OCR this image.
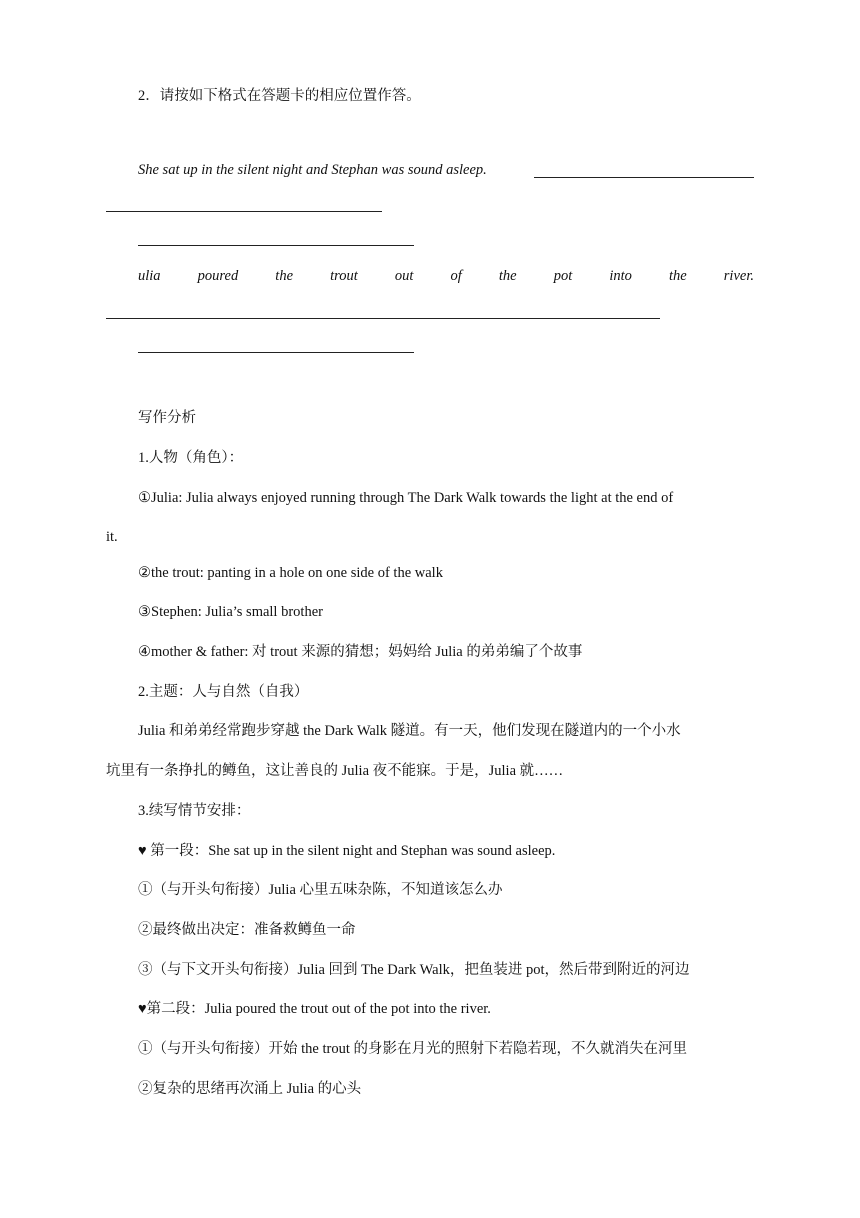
2．请按如下格式在答题卡的相应位置作答。
She sat up in the silent night and Stephan was sound asleep.
ulia	poured	the	trout	out	of	the	pot	into	the	river.
写作分析
1.人物（角色）：
①Julia: Julia always enjoyed running through The Dark Walk towards the light at the end of
it.
②the trout: panting in a hole on one side of the walk
③Stephen: Julia’s small brother
④mother & father: 对 trout 来源的猜想；妈妈给 Julia 的弟弟编了个故事
2.主题：人与自然（自我）
Julia 和弟弟经常跑步穿越 the Dark Walk 隧道。有一天，他们发现在隧道内的一个小水
坑里有一条挣扎的鳟鱼，这让善良的 Julia 夜不能寐。于是，Julia 就……
3.续写情节安排：
♥ 第一段：She sat up in the silent night and Stephan was sound asleep.
①（与开头句衔接）Julia 心里五味杂陈，不知道该怎么办
②最终做出决定：准备救鳟鱼一命
③（与下文开头句衔接）Julia 回到 The Dark Walk，把鱼装进 pot，然后带到附近的河边
♥第二段：Julia poured the trout out of the pot into the river.
①（与开头句衔接）开始 the trout 的身影在月光的照射下若隐若现，不久就消失在河里
②复杂的思绪再次涌上 Julia 的心头
